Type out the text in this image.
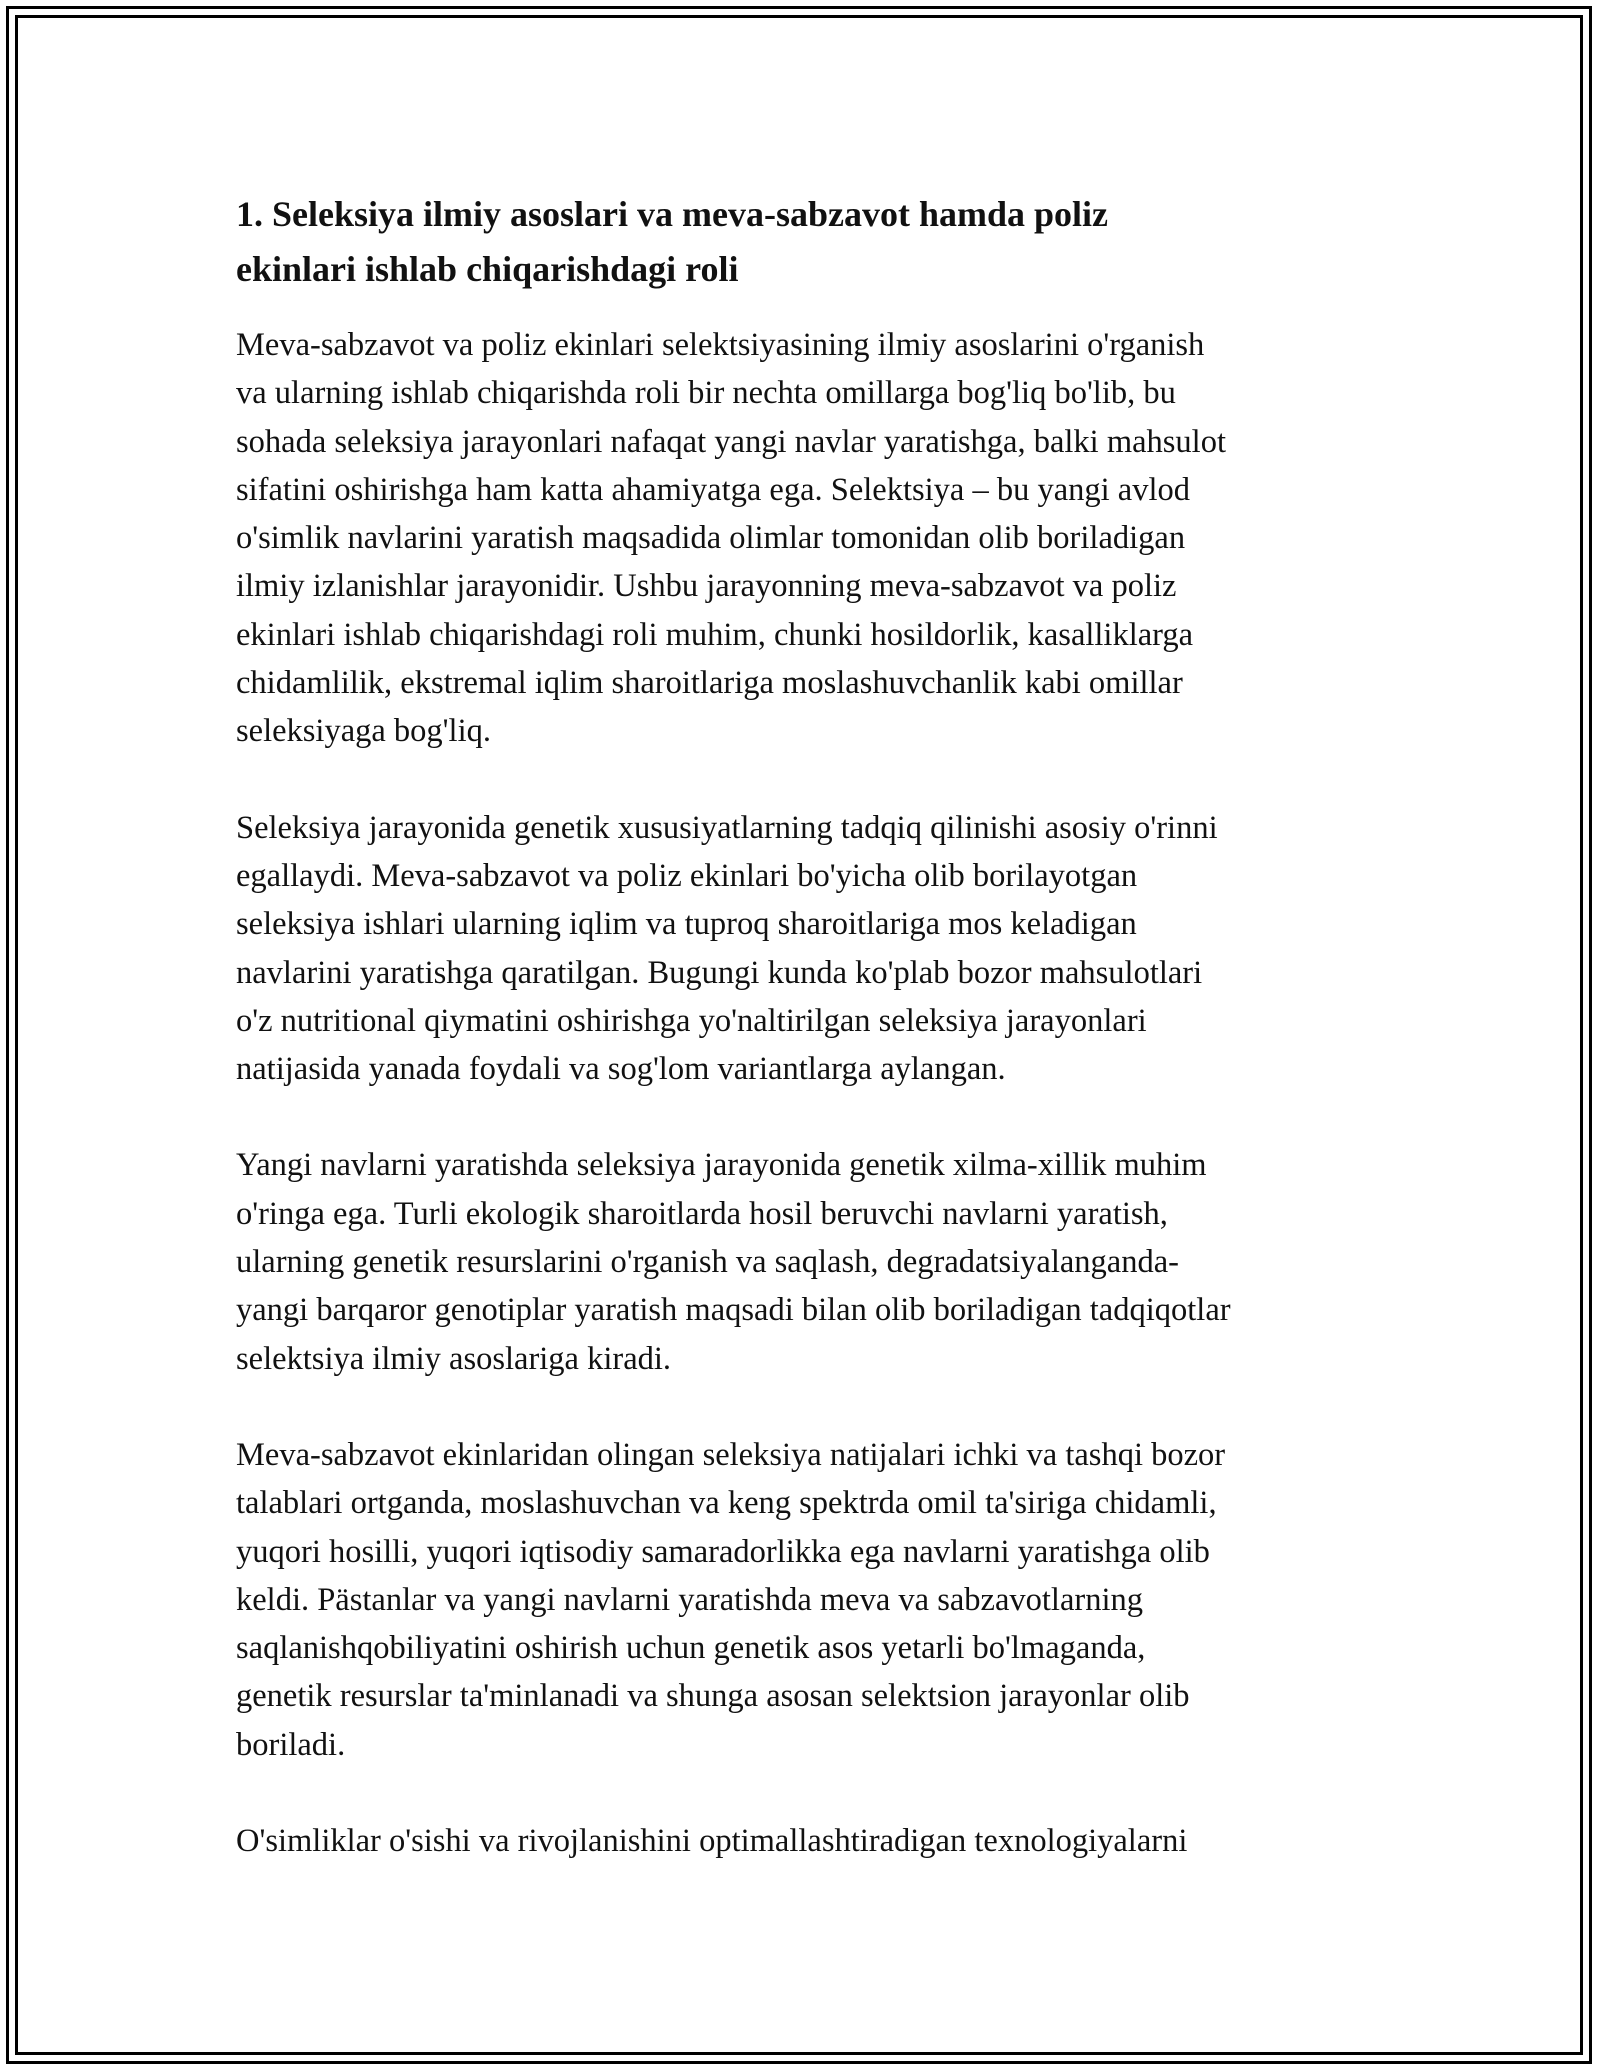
1. Seleksiya ilmiy asoslari va meva-sabzavot hamda poliz
ekinlari ishlab chiqarishdagi roli

Meva-sabzavot va poliz ekinlari selektsiyasining ilmiy asoslarini o'rganish
va ularning ishlab chiqarishda roli bir nechta omillarga bog'liq bo'lib, bu
sohada seleksiya jarayonlari nafaqat yangi navlar yaratishga, balki mahsulot
sifatini oshirishga ham katta ahamiyatga ega. Selektsiya – bu yangi avlod
o'simlik navlarini yaratish maqsadida olimlar tomonidan olib boriladigan
ilmiy izlanishlar jarayonidir. Ushbu jarayonning meva-sabzavot va poliz
ekinlari ishlab chiqarishdagi roli muhim, chunki hosildorlik, kasalliklarga
chidamlilik, ekstremal iqlim sharoitlariga moslashuvchanlik kabi omillar
seleksiyaga bog'liq.

Seleksiya jarayonida genetik xususiyatlarning tadqiq qilinishi asosiy o'rinni
egallaydi. Meva-sabzavot va poliz ekinlari bo'yicha olib borilayotgan
seleksiya ishlari ularning iqlim va tuproq sharoitlariga mos keladigan
navlarini yaratishga qaratilgan. Bugungi kunda ko'plab bozor mahsulotlari
o'z nutritional qiymatini oshirishga yo'naltirilgan seleksiya jarayonlari
natijasida yanada foydali va sog'lom variantlarga aylangan.

Yangi navlarni yaratishda seleksiya jarayonida genetik xilma-xillik muhim
o'ringa ega. Turli ekologik sharoitlarda hosil beruvchi navlarni yaratish,
ularning genetik resurslarini o'rganish va saqlash, degradatsiyalanganda-
yangi barqaror genotiplar yaratish maqsadi bilan olib boriladigan tadqiqotlar
selektsiya ilmiy asoslariga kiradi.

Meva-sabzavot ekinlaridan olingan seleksiya natijalari ichki va tashqi bozor
talablari ortganda, moslashuvchan va keng spektrda omil ta'siriga chidamli,
yuqori hosilli, yuqori iqtisodiy samaradorlikka ega navlarni yaratishga olib
keldi. Pästanlar va yangi navlarni yaratishda meva va sabzavotlarning
saqlanishqobiliyatini oshirish uchun genetik asos yetarli bo'lmaganda,
genetik resurslar ta'minlanadi va shunga asosan selektsion jarayonlar olib
boriladi.

O'simliklar o'sishi va rivojlanishini optimallashtiradigan texnologiyalarni
